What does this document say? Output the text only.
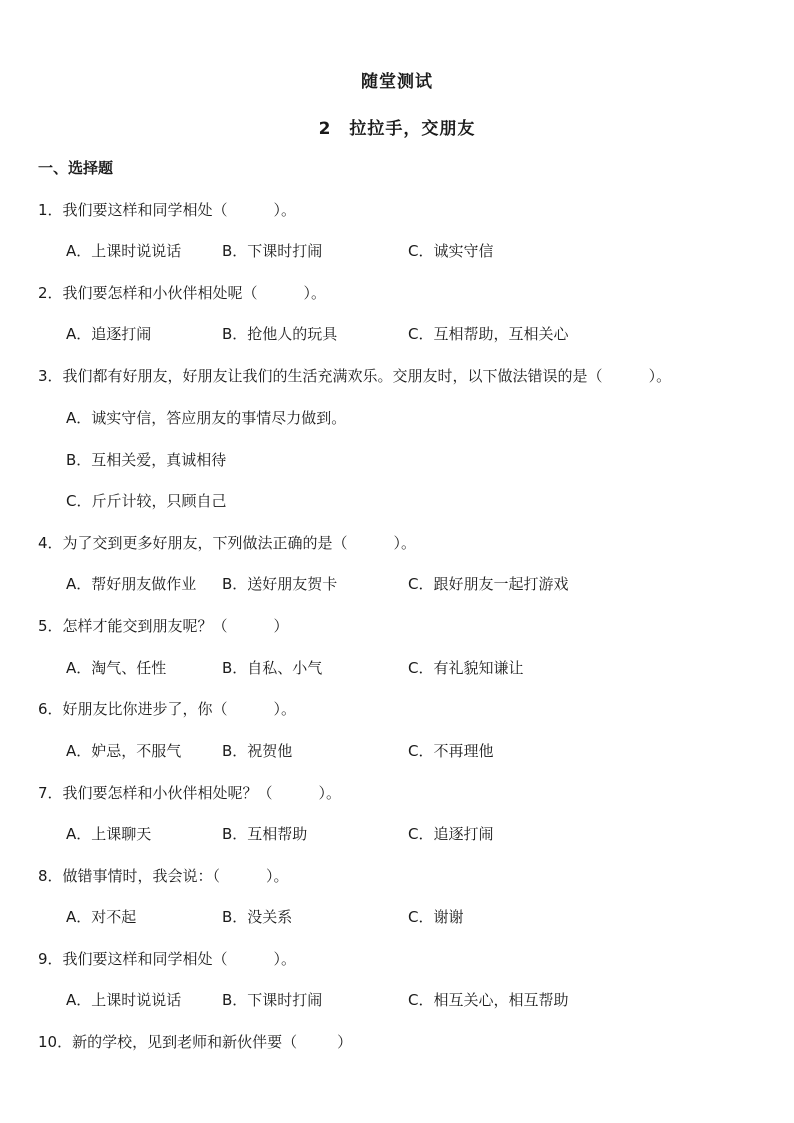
随堂测试
2　拉拉手，交朋友
一、选择题
1．我们要这样和同学相处（	）。
A．上课时说说话	B．下课时打闹	C．诚实守信
2．我们要怎样和小伙伴相处呢（	）。
A．追逐打闹	B．抢他人的玩具	C．互相帮助，互相关心
3．我们都有好朋友，好朋友让我们的生活充满欢乐。交朋友时，以下做法错误的是（	）。
A．诚实守信，答应朋友的事情尽力做到。
B．互相关爱，真诚相待
C．斤斤计较，只顾自己
4．为了交到更多好朋友，下列做法正确的是（	）。
A．帮好朋友做作业 B．送好朋友贺卡	C．跟好朋友一起打游戏
5．怎样才能交到朋友呢？（	）
A．淘气、任性	B．自私、小气	C．有礼貌知谦让
6．好朋友比你进步了，你（	）。
A．妒忌，不服气	B．祝贺他	C．不再理他
7．我们要怎样和小伙伴相处呢？（	）。
A．上课聊天	B．互相帮助	C．追逐打闹
8．做错事情时，我会说：（	）。
A．对不起	B．没关系	C．谢谢
9．我们要这样和同学相处（	）。
A．上课时说说话	B．下课时打闹	C．相互关心，相互帮助
10．新的学校，见到老师和新伙伴要（	）
